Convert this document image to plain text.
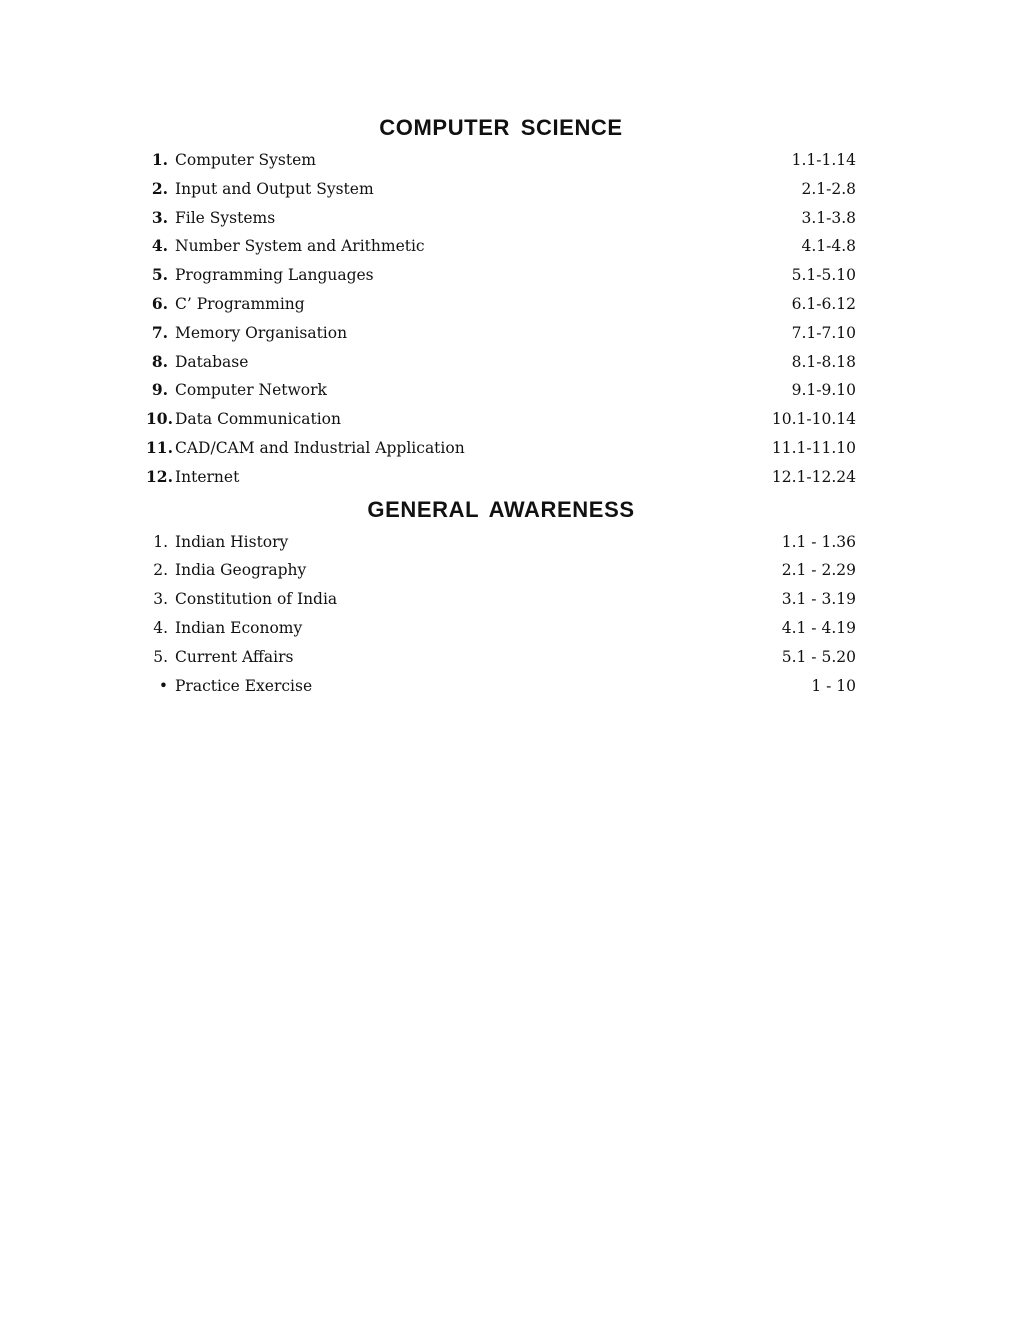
COMPUTER SCIENCE
1. Computer System	1.1-1.14
2. Input and Output System	2.1-2.8
3. File Systems	3.1-3.8
4. Number System and Arithmetic	4.1-4.8
5. Programming Languages	5.1-5.10
6. C’ Programming	6.1-6.12
7. Memory Organisation	7.1-7.10
8. Database	8.1-8.18
9. Computer Network	9.1-9.10
10. Data Communication	10.1-10.14
11. CAD/CAM and Industrial Application	11.1-11.10
12. Internet	12.1-12.24
GENERAL AWARENESS
1. Indian History	1.1 - 1.36
2. India Geography	2.1 - 2.29
3. Constitution of India	3.1 - 3.19
4. Indian Economy	4.1 - 4.19
5. Current Affairs	5.1 - 5.20
• Practice Exercise	1 - 10
